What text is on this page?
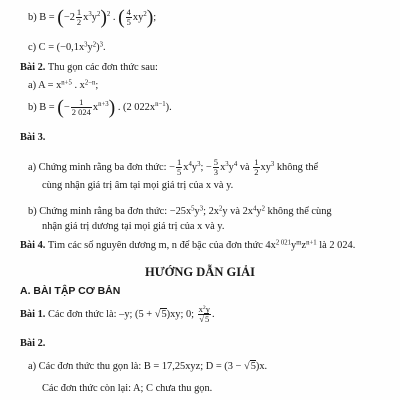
b) $B = (-2 \frac{1}{2} x^3y^2)^2$ . ( $\frac{4}{5} xy^2$);
c) $C = (-0,1x^3y^2)^3$.
Bài 2. Thu gọn các đơn thức sau:
a) $A = x^{n+5}$ . $x^{2-n}$;
b) B = (− $\frac{1}{2 024} x^{n+3}$) . (2 $022x^{n-1}$).
Bài 3.
a) Chứng minh rằng ba đơn thức: − $\frac{1}{5} x^4y^3$; − $\frac{5}{3} x^3y^4$ và $\frac{1}{2} xy^3$ không thể
cùng nhận giá trị âm tại mọi giá trị của x và y.
b) Chứng minh rằng ba đơn thức: $-25x^5y^3$; $2x^2y$ và $2x^4y^2$ không thể cùng
nhận giá trị dương tại mọi giá trị của x và y.
Bài 4. Tìm các số nguyên dương m, n để bậc của đơn thức $4x^{2 021}y^mz^{n+1}$ là 2 024.
HƯỚNG DẪN GIẢI
A. BÀI TẬP CƠ BẢN
Bài 1. Các đơn thức là: –y; (5 + √5)xy; 0; $\frac{x^2y}{√5}$ .
Bài 2.
a) Các đơn thức thu gọn là: B = 17,25xyz; D = (3 − √5)x.
Các đơn thức còn lại: A; C chưa thu gọn.
